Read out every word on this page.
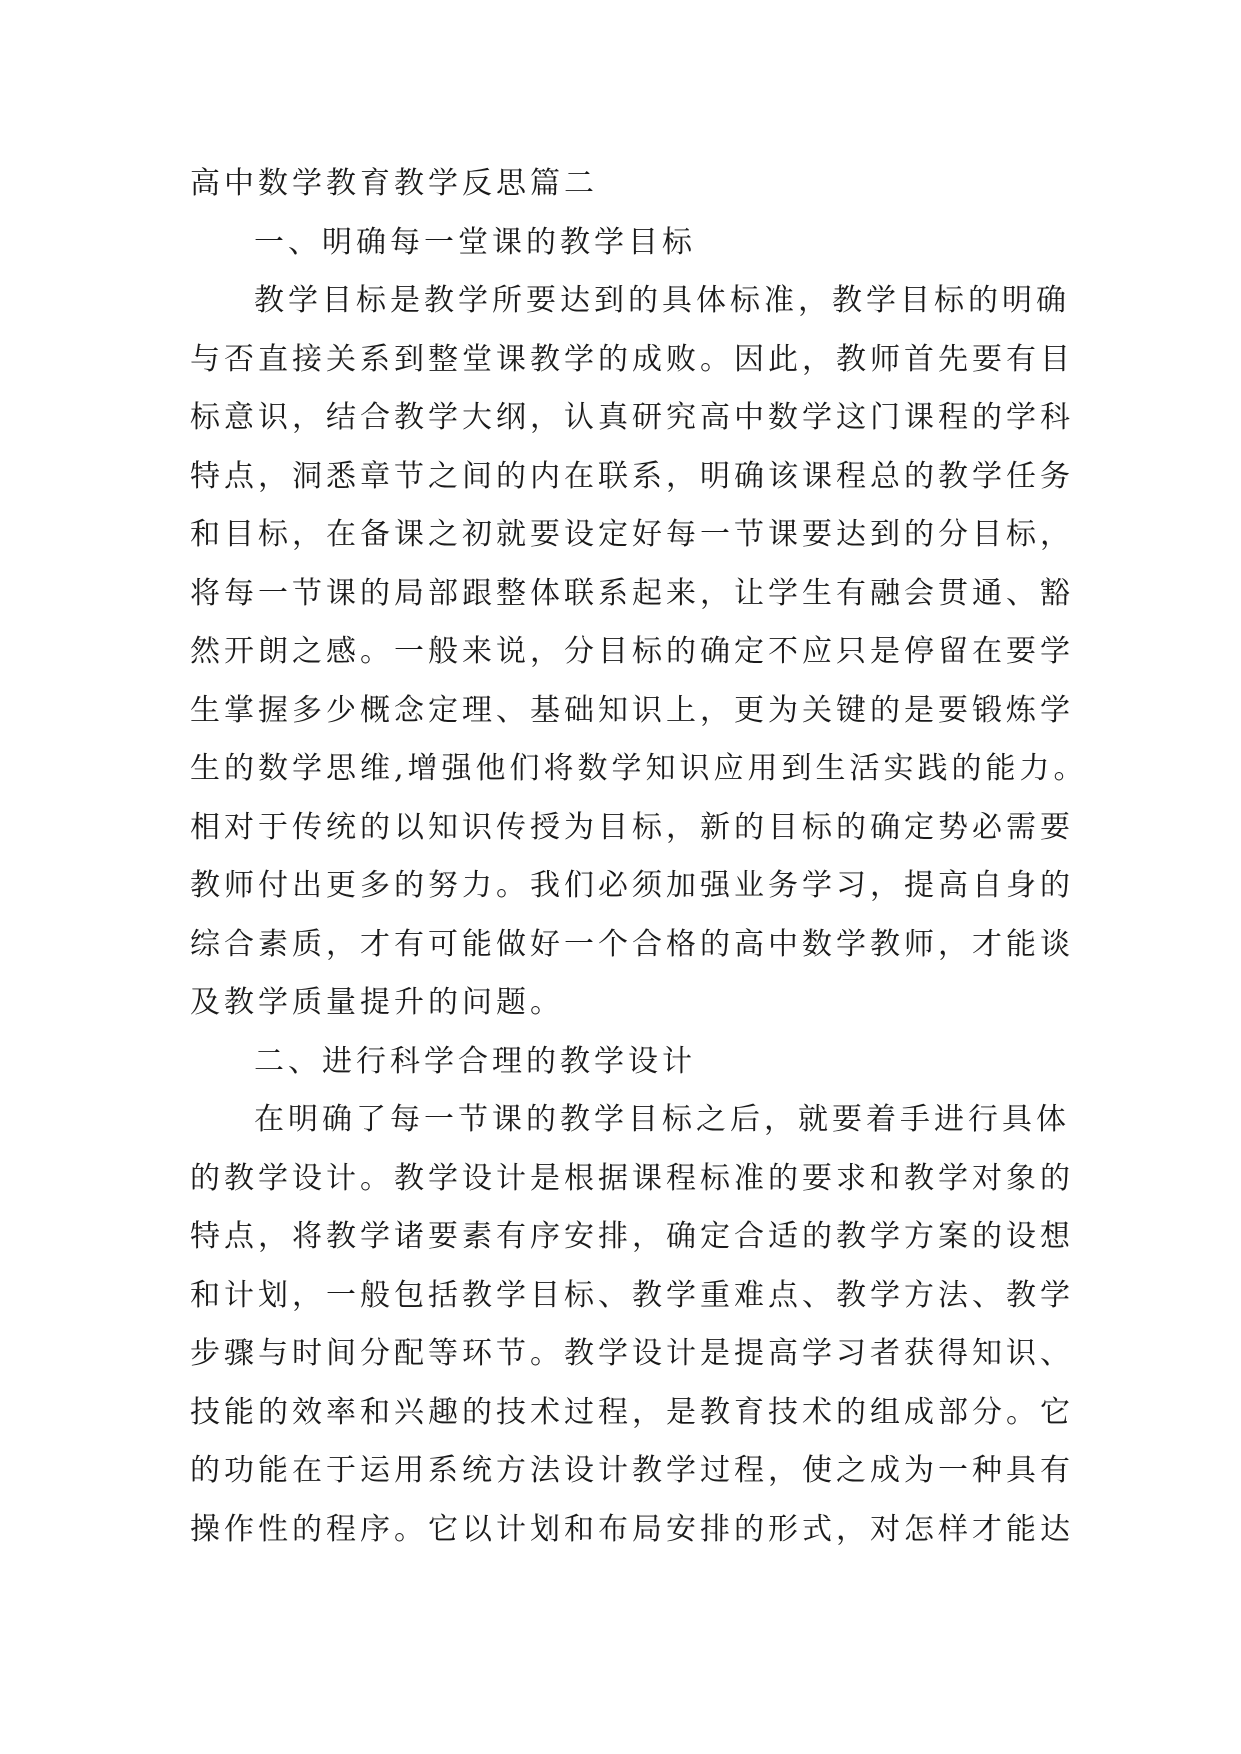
高中数学教育教学反思篇二
一、明确每一堂课的教学目标
教学目标是教学所要达到的具体标准，教学目标的明确
与否直接关系到整堂课教学的成败。因此，教师首先要有目
标意识，结合教学大纲，认真研究高中数学这门课程的学科
特点，洞悉章节之间的内在联系，明确该课程总的教学任务
和目标，在备课之初就要设定好每一节课要达到的分目标，
将每一节课的局部跟整体联系起来，让学生有融会贯通、豁
然开朗之感。一般来说，分目标的确定不应只是停留在要学
生掌握多少概念定理、基础知识上，更为关键的是要锻炼学
生的数学思维,增强他们将数学知识应用到生活实践的能力。
相对于传统的以知识传授为目标，新的目标的确定势必需要
教师付出更多的努力。我们必须加强业务学习，提高自身的
综合素质，才有可能做好一个合格的高中数学教师，才能谈
及教学质量提升的问题。
二、进行科学合理的教学设计
在明确了每一节课的教学目标之后，就要着手进行具体
的教学设计。教学设计是根据课程标准的要求和教学对象的
特点，将教学诸要素有序安排，确定合适的教学方案的设想
和计划，一般包括教学目标、教学重难点、教学方法、教学
步骤与时间分配等环节。教学设计是提高学习者获得知识、
技能的效率和兴趣的技术过程，是教育技术的组成部分。它
的功能在于运用系统方法设计教学过程，使之成为一种具有
操作性的程序。它以计划和布局安排的形式，对怎样才能达
